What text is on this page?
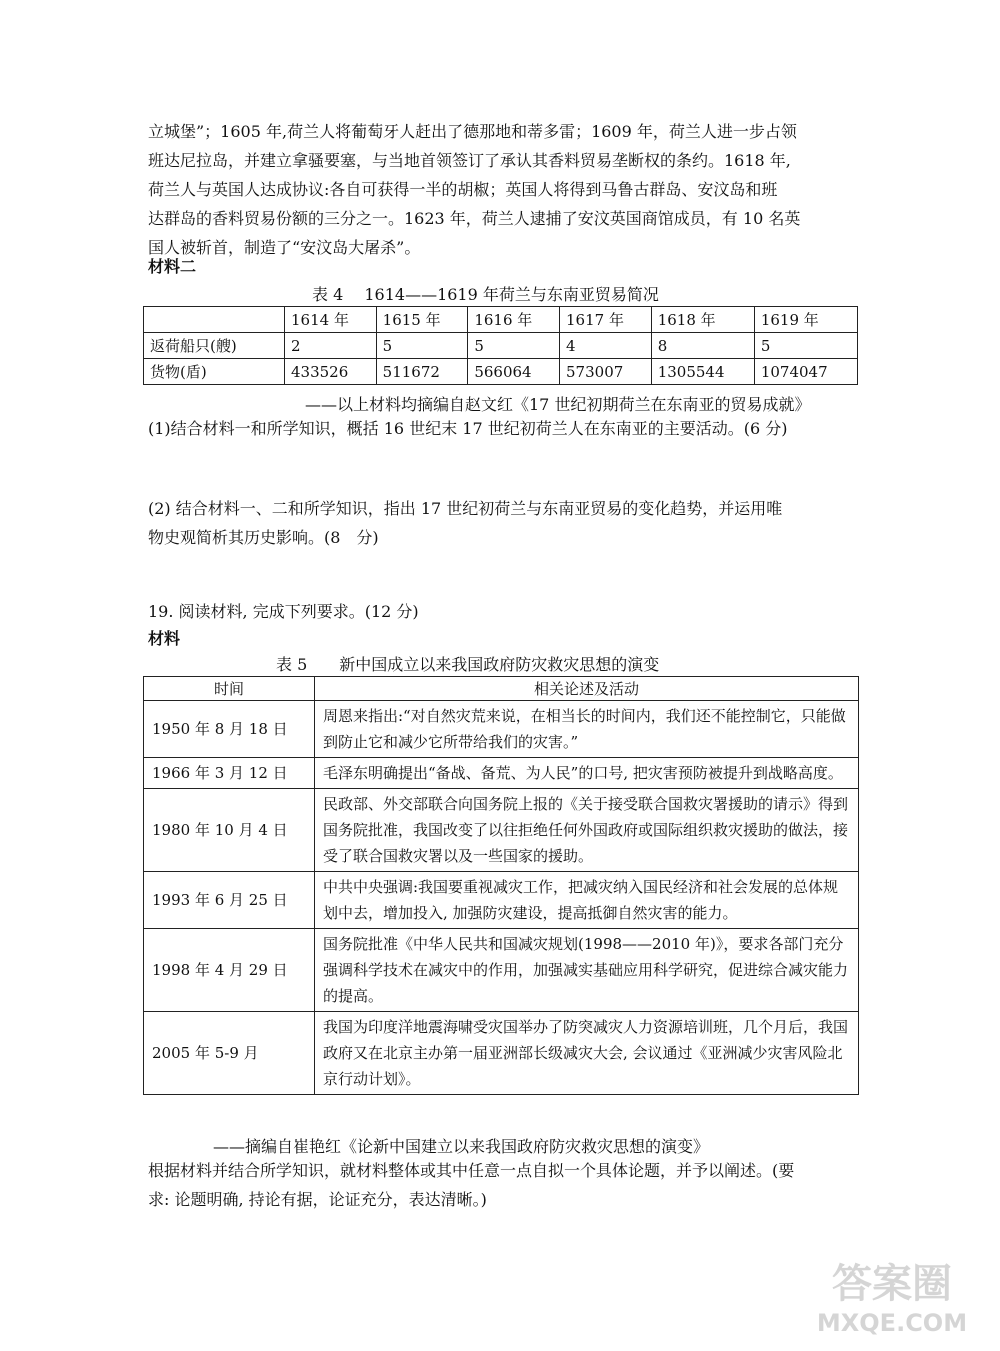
立城堡”；1605 年,荷兰人将葡萄牙人赶出了德那地和蒂多雷；1609 年，荷兰人进一步占领
班达尼拉岛，并建立拿骚要塞，与当地首领签订了承认其香料贸易垄断权的条约。1618 年,
荷兰人与英国人达成协议:各自可获得一半的胡椒；英国人将得到马鲁古群岛、安汶岛和班
达群岛的香料贸易份额的三分之一。1623 年，荷兰人逮捕了安汶英国商馆成员，有 10 名英
国人被斩首，制造了“安汶岛大屠杀”。
材料二
表 4　 1614——1619 年荷兰与东南亚贸易简况
	1614 年	1615 年	1616 年	1617 年	1618 年	1619 年
返荷船只(艘)	2	5	5	4	8	5
货物(盾)	433526	511672	566064	573007	1305544	1074047
——以上材料均摘编自赵文红《17 世纪初期荷兰在东南亚的贸易成就》
(1)结合材料一和所学知识，概括 16 世纪末 17 世纪初荷兰人在东南亚的主要活动。(6 分)
(2) 结合材料一、二和所学知识，指出 17 世纪初荷兰与东南亚贸易的变化趋势，并运用唯
物史观简析其历史影响。(8　分)
19. 阅读材料, 完成下列要求。(12 分)
材料
表 5　　新中国成立以来我国政府防灾救灾思想的演变
时间	相关论述及活动
1950 年 8 月 18 日	周恩来指出:“对自然灾荒来说，在相当长的时间内，我们还不能控制它，只能做到防止它和减少它所带给我们的灾害。”
1966 年 3 月 12 日	毛泽东明确提出“备战、备荒、为人民”的口号, 把灾害预防被提升到战略高度。
1980 年 10 月 4 日	民政部、外交部联合向国务院上报的《关于接受联合国救灾署援助的请示》得到国务院批准，我国改变了以往拒绝任何外国政府或国际组织救灾援助的做法，接受了联合国救灾署以及一些国家的援助。
1993 年 6 月 25 日	中共中央强调:我国要重视减灾工作，把减灾纳入国民经济和社会发展的总体规划中去，增加投入, 加强防灾建设，提高抵御自然灾害的能力。
1998 年 4 月 29 日	国务院批准《中华人民共和国减灾规划(1998——2010 年)》，要求各部门充分强调科学技术在减灾中的作用，加强减实基础应用科学研究，促进综合减灾能力的提高。
2005 年 5-9 月	我国为印度洋地震海啸受灾国举办了防突减灾人力资源培训班，几个月后，我国政府又在北京主办第一届亚洲部长级减灾大会, 会议通过《亚洲减少灾害风险北京行动计划》。
——摘编自崔艳红《论新中国建立以来我国政府防灾救灾思想的演变》
根据材料并结合所学知识，就材料整体或其中任意一点自拟一个具体论题，并予以阐述。(要
求: 论题明确, 持论有据，论证充分，表达清晰。)
答案圈
MXQE.COM
